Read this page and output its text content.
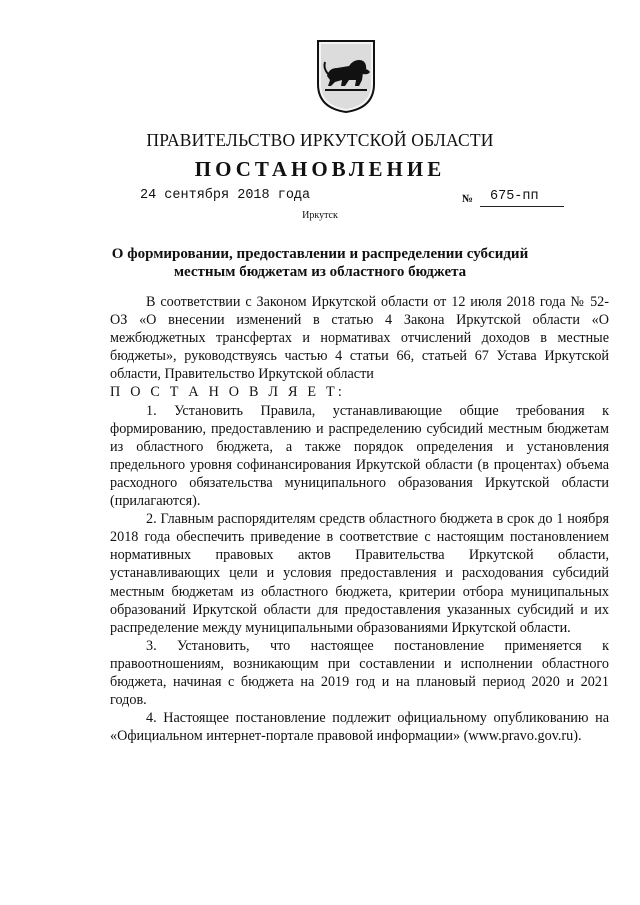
ПРАВИТЕЛЬСТВО ИРКУТСКОЙ ОБЛАСТИ
ПОСТАНОВЛЕНИЕ
24 сентября 2018 года	№	675-пп
Иркутск
О формировании, предоставлении и распределении субсидий местным бюджетам из областного бюджета

В соответствии с Законом Иркутской области от 12 июля 2018 года № 52-ОЗ «О внесении изменений в статью 4 Закона Иркутской области «О межбюджетных трансфертах и нормативах отчислений доходов в местные бюджеты», руководствуясь частью 4 статьи 66, статьей 67 Устава Иркутской области, Правительство Иркутской области

П О С Т А Н О В Л Я Е Т:

1. Установить Правила, устанавливающие общие требования к формированию, предоставлению и распределению субсидий местным бюджетам из областного бюджета, а также порядок определения и установления предельного уровня софинансирования Иркутской области (в процентах) объема расходного обязательства муниципального образования Иркутской области (прилагаются).

2. Главным распорядителям средств областного бюджета в срок до 1 ноября 2018 года обеспечить приведение в соответствие с настоящим постановлением нормативных правовых актов Правительства Иркутской области, устанавливающих цели и условия предоставления и расходования субсидий местным бюджетам из областного бюджета, критерии отбора муниципальных образований Иркутской области для предоставления указанных субсидий и их распределение между муниципальными образованиями Иркутской области.

3. Установить, что настоящее постановление применяется к правоотношениям, возникающим при составлении и исполнении областного бюджета, начиная с бюджета на 2019 год и на плановый период 2020 и 2021 годов.

4. Настоящее постановление подлежит официальному опубликованию на «Официальном интернет-портале правовой информации» (www.pravo.gov.ru).
